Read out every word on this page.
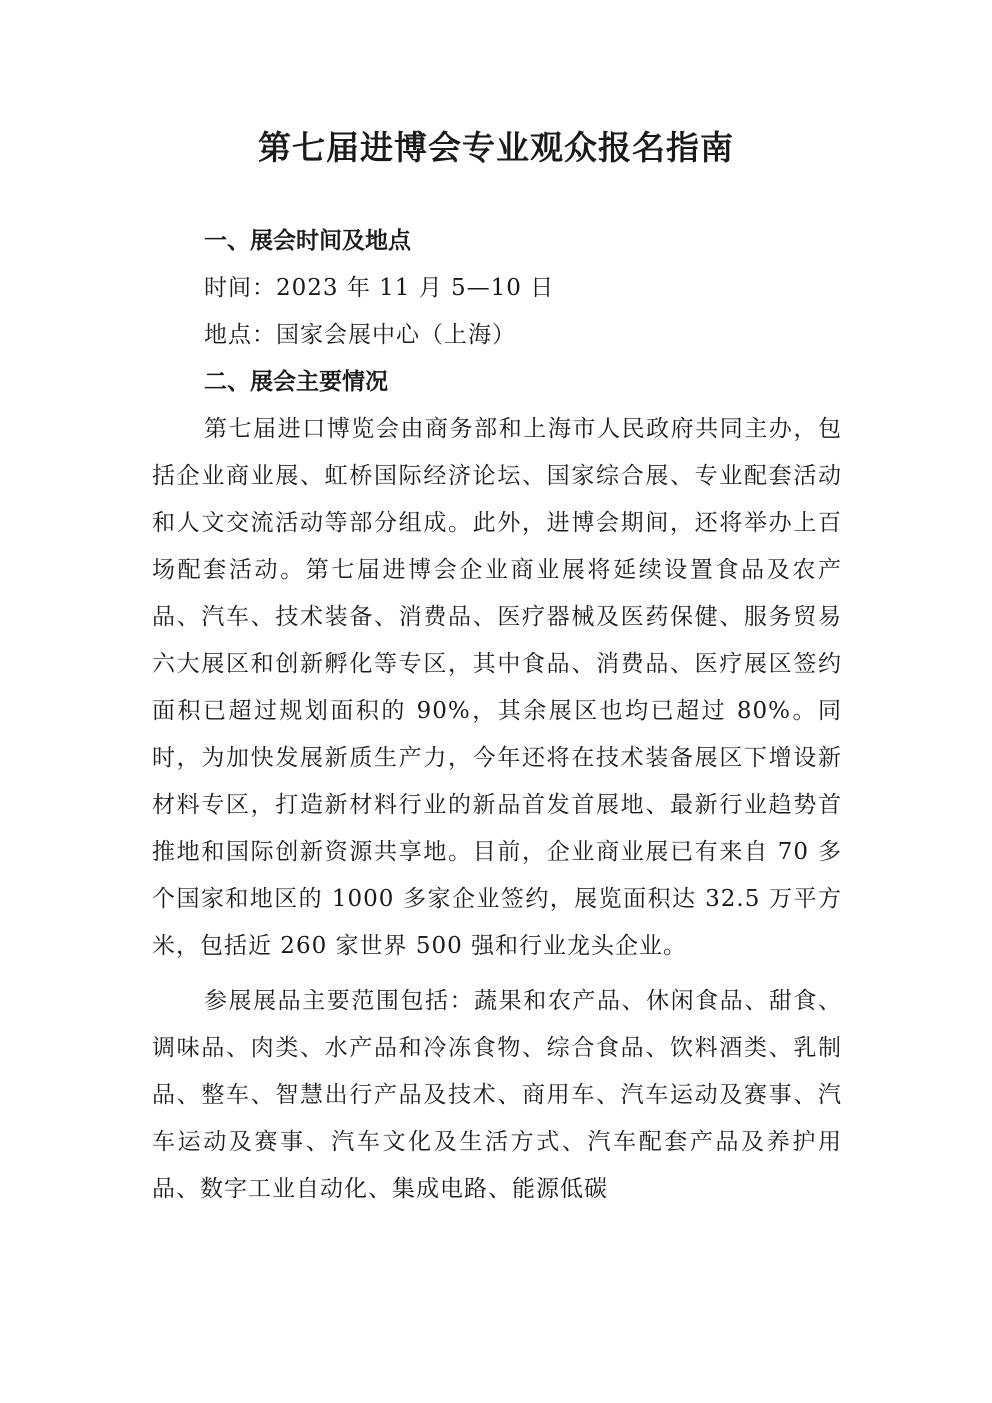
第七届进博会专业观众报名指南
一、展会时间及地点

时间：2023 年 11 月 5—10 日

地点：国家会展中心（上海）

二、展会主要情况

第七届进口博览会由商务部和上海市人民政府共同主办，包括企业商业展、虹桥国际经济论坛、国家综合展、专业配套活动和人文交流活动等部分组成。此外，进博会期间，还将举办上百场配套活动。第七届进博会企业商业展将延续设置食品及农产品、汽车、技术装备、消费品、医疗器械及医药保健、服务贸易六大展区和创新孵化等专区，其中食品、消费品、医疗展区签约面积已超过规划面积的 90%，其余展区也均已超过 80%。同时，为加快发展新质生产力，今年还将在技术装备展区下增设新材料专区，打造新材料行业的新品首发首展地、最新行业趋势首推地和国际创新资源共享地。目前，企业商业展已有来自 70 多个国家和地区的 1000 多家企业签约，展览面积达 32.5 万平方米，包括近 260 家世界 500 强和行业龙头企业。

参展展品主要范围包括：蔬果和农产品、休闲食品、甜食、调味品、肉类、水产品和冷冻食物、综合食品、饮料酒类、乳制品、整车、智慧出行产品及技术、商用车、汽车运动及赛事、汽车运动及赛事、汽车文化及生活方式、汽车配套产品及养护用品、数字工业自动化、集成电路、能源低碳
